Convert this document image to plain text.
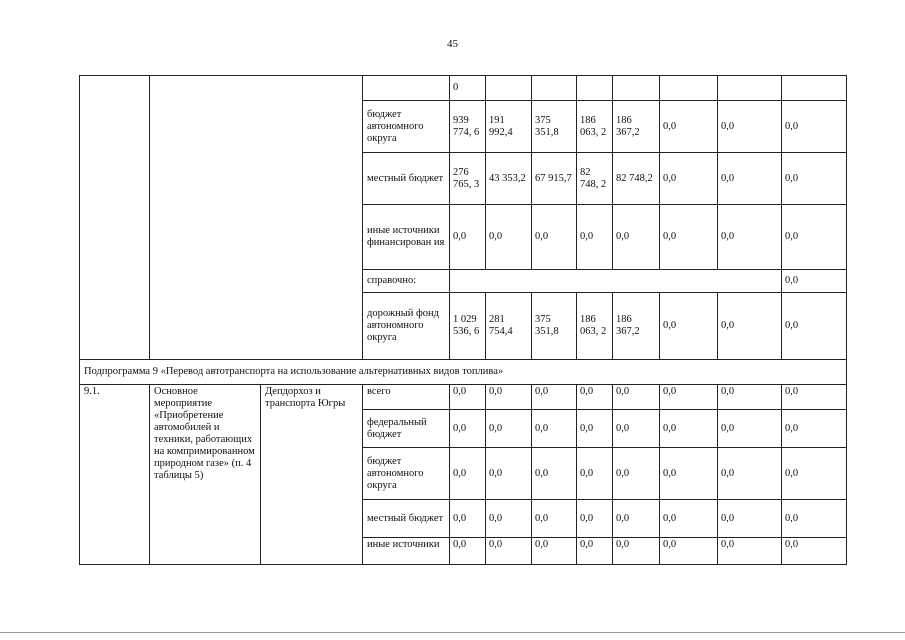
45
				0							
			бюджет автономного округа	939 774, 6	191 992,4	375 351,8	186 063, 2	186 367,2	0,0	0,0	0,0
			местный бюджет	276 765, 3	43 353,2	67 915,7	82 748, 2	82 748,2	0,0	0,0	0,0
			иные источники финансирован ия	0,0	0,0	0,0	0,0	0,0	0,0	0,0	0,0
			справочно:								0,0
			дорожный фонд автономного округа	1 029 536, 6	281 754,4	375 351,8	186 063, 2	186 367,2	0,0	0,0	0,0
Подпрограмма 9 «Перевод автотранспорта на использование альтернативных видов топлива»											
9.1.	Основное мероприятие «Приобретение автомобилей и техники, работающих на компримированном природном газе» (п. 4 таблицы 5)	Депдорхоз и транспорта Югры	всего	0,0	0,0	0,0	0,0	0,0	0,0	0,0	0,0
			федеральный бюджет	0,0	0,0	0,0	0,0	0,0	0,0	0,0	0,0
			бюджет автономного округа	0,0	0,0	0,0	0,0	0,0	0,0	0,0	0,0
			местный бюджет	0,0	0,0	0,0	0,0	0,0	0,0	0,0	0,0
			иные источники	0,0	0,0	0,0	0,0	0,0	0,0	0,0	0,0
